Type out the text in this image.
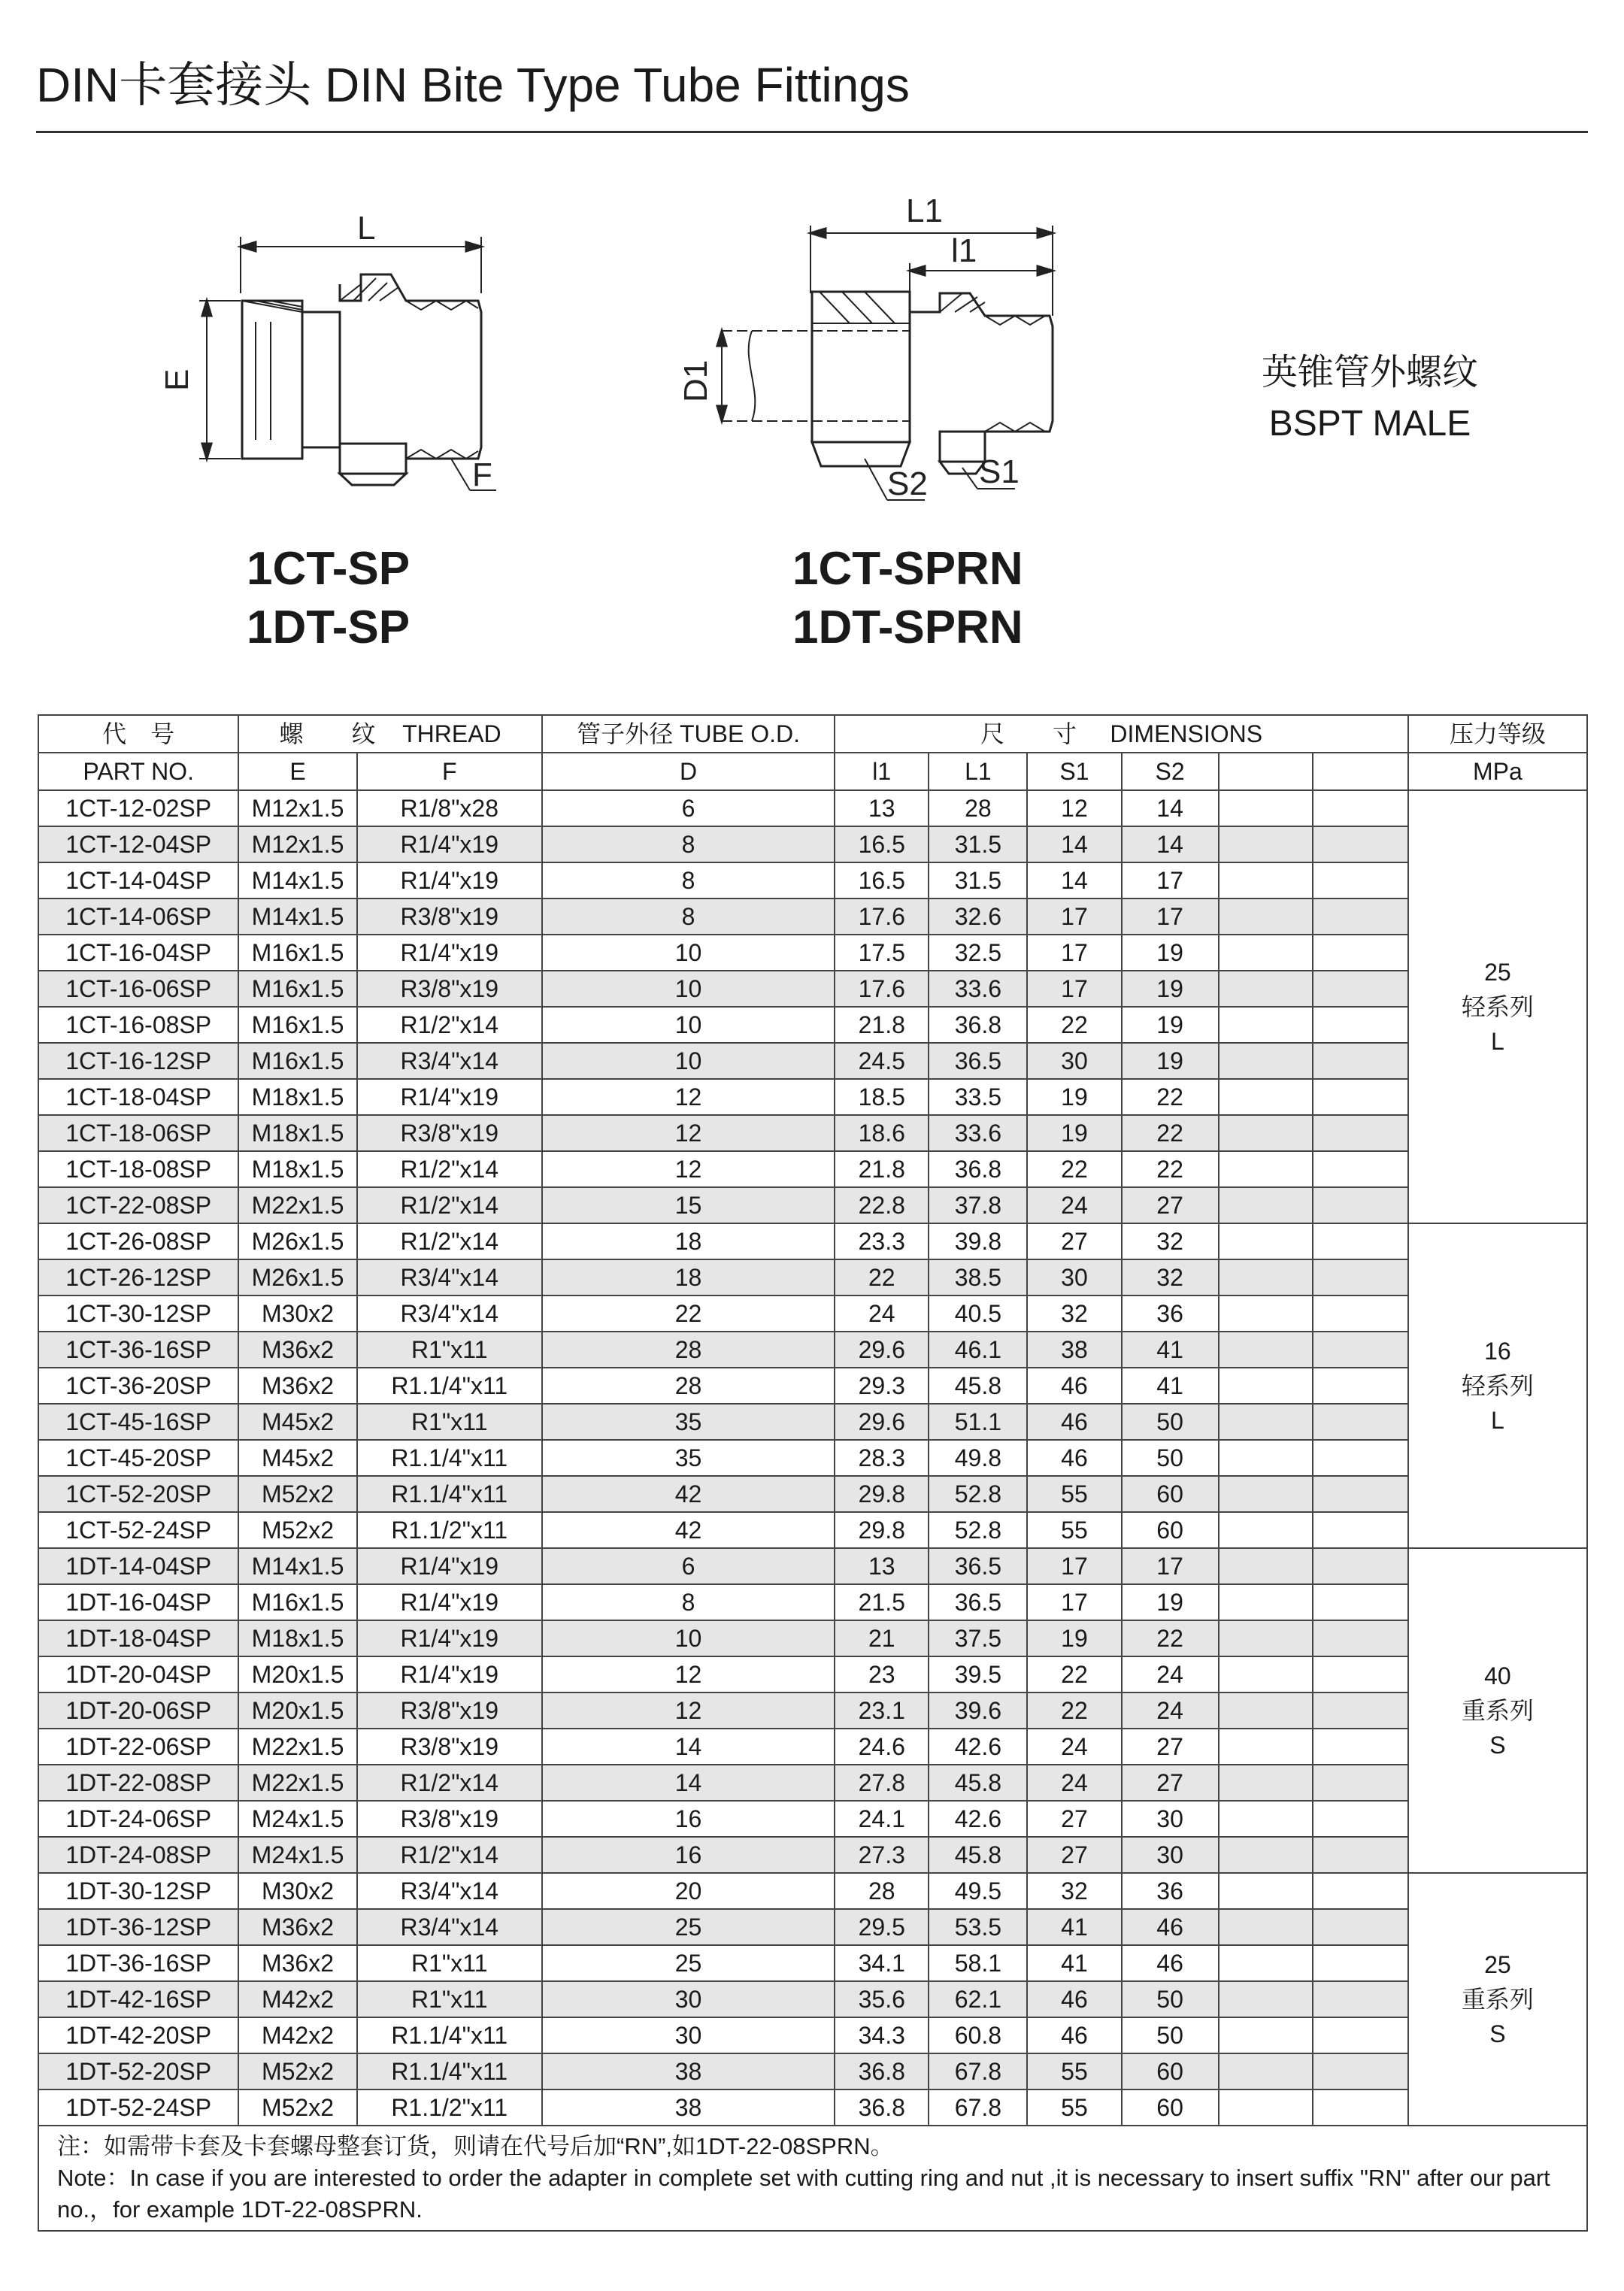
DIN卡套接头 DIN Bite Type Tube Fittings
L
E
F
L1
l1
D1
S2 S1
1CT-SP
1DT-SP
1CT-SPRN
1DT-SPRN
英锥管外螺纹
BSPT MALE
代　号	螺　　纹 THREAD		管子外径 TUBE O.D.	尺　　寸 DIMENSIONS						压力等级
PART NO.	E	F	D	l1	L1	S1	S2			MPa
1CT-12-02SP	M12x1.5	R1/8"x28	6	13	28	12	14			25
轻系列
L

1CT-12-04SP	M12x1.5	R1/4"x19	8	16.5	31.5	14	14			
1CT-14-04SP	M14x1.5	R1/4"x19	8	16.5	31.5	14	17			
1CT-14-06SP	M14x1.5	R3/8"x19	8	17.6	32.6	17	17			
1CT-16-04SP	M16x1.5	R1/4"x19	10	17.5	32.5	17	19			
1CT-16-06SP	M16x1.5	R3/8"x19	10	17.6	33.6	17	19			
1CT-16-08SP	M16x1.5	R1/2"x14	10	21.8	36.8	22	19			
1CT-16-12SP	M16x1.5	R3/4"x14	10	24.5	36.5	30	19			
1CT-18-04SP	M18x1.5	R1/4"x19	12	18.5	33.5	19	22			
1CT-18-06SP	M18x1.5	R3/8"x19	12	18.6	33.6	19	22			
1CT-18-08SP	M18x1.5	R1/2"x14	12	21.8	36.8	22	22			
1CT-22-08SP	M22x1.5	R1/2"x14	15	22.8	37.8	24	27			
1CT-26-08SP	M26x1.5	R1/2"x14	18	23.3	39.8	27	32			16
轻系列
L

1CT-26-12SP	M26x1.5	R3/4"x14	18	22	38.5	30	32			
1CT-30-12SP	M30x2	R3/4"x14	22	24	40.5	32	36			
1CT-36-16SP	M36x2	R1"x11	28	29.6	46.1	38	41			
1CT-36-20SP	M36x2	R1.1/4"x11	28	29.3	45.8	46	41			
1CT-45-16SP	M45x2	R1"x11	35	29.6	51.1	46	50			
1CT-45-20SP	M45x2	R1.1/4"x11	35	28.3	49.8	46	50			
1CT-52-20SP	M52x2	R1.1/4"x11	42	29.8	52.8	55	60			
1CT-52-24SP	M52x2	R1.1/2"x11	42	29.8	52.8	55	60			
1DT-14-04SP	M14x1.5	R1/4"x19	6	13	36.5	17	17			40
重系列
S

1DT-16-04SP	M16x1.5	R1/4"x19	8	21.5	36.5	17	19			
1DT-18-04SP	M18x1.5	R1/4"x19	10	21	37.5	19	22			
1DT-20-04SP	M20x1.5	R1/4"x19	12	23	39.5	22	24			
1DT-20-06SP	M20x1.5	R3/8"x19	12	23.1	39.6	22	24			
1DT-22-06SP	M22x1.5	R3/8"x19	14	24.6	42.6	24	27			
1DT-22-08SP	M22x1.5	R1/2"x14	14	27.8	45.8	24	27			
1DT-24-06SP	M24x1.5	R3/8"x19	16	24.1	42.6	27	30			
1DT-24-08SP	M24x1.5	R1/2"x14	16	27.3	45.8	27	30			
1DT-30-12SP	M30x2	R3/4"x14	20	28	49.5	32	36			25
重系列
S

1DT-36-12SP	M36x2	R3/4"x14	25	29.5	53.5	41	46			
1DT-36-16SP	M36x2	R1"x11	25	34.1	58.1	41	46			
1DT-42-16SP	M42x2	R1"x11	30	35.6	62.1	46	50			
1DT-42-20SP	M42x2	R1.1/4"x11	30	34.3	60.8	46	50			
1DT-52-20SP	M52x2	R1.1/4"x11	38	36.8	67.8	55	60			
1DT-52-24SP	M52x2	R1.1/2"x11	38	36.8	67.8	55	60			

注：如需带卡套及卡套螺母整套订货，则请在代号后加“RN”,如1DT-22-08SPRN。
Note：In case if you are interested to order the adapter in complete set with cutting ring and nut ,it is necessary to insert suffix "RN" after our part no.，for example 1DT-22-08SPRN.										
